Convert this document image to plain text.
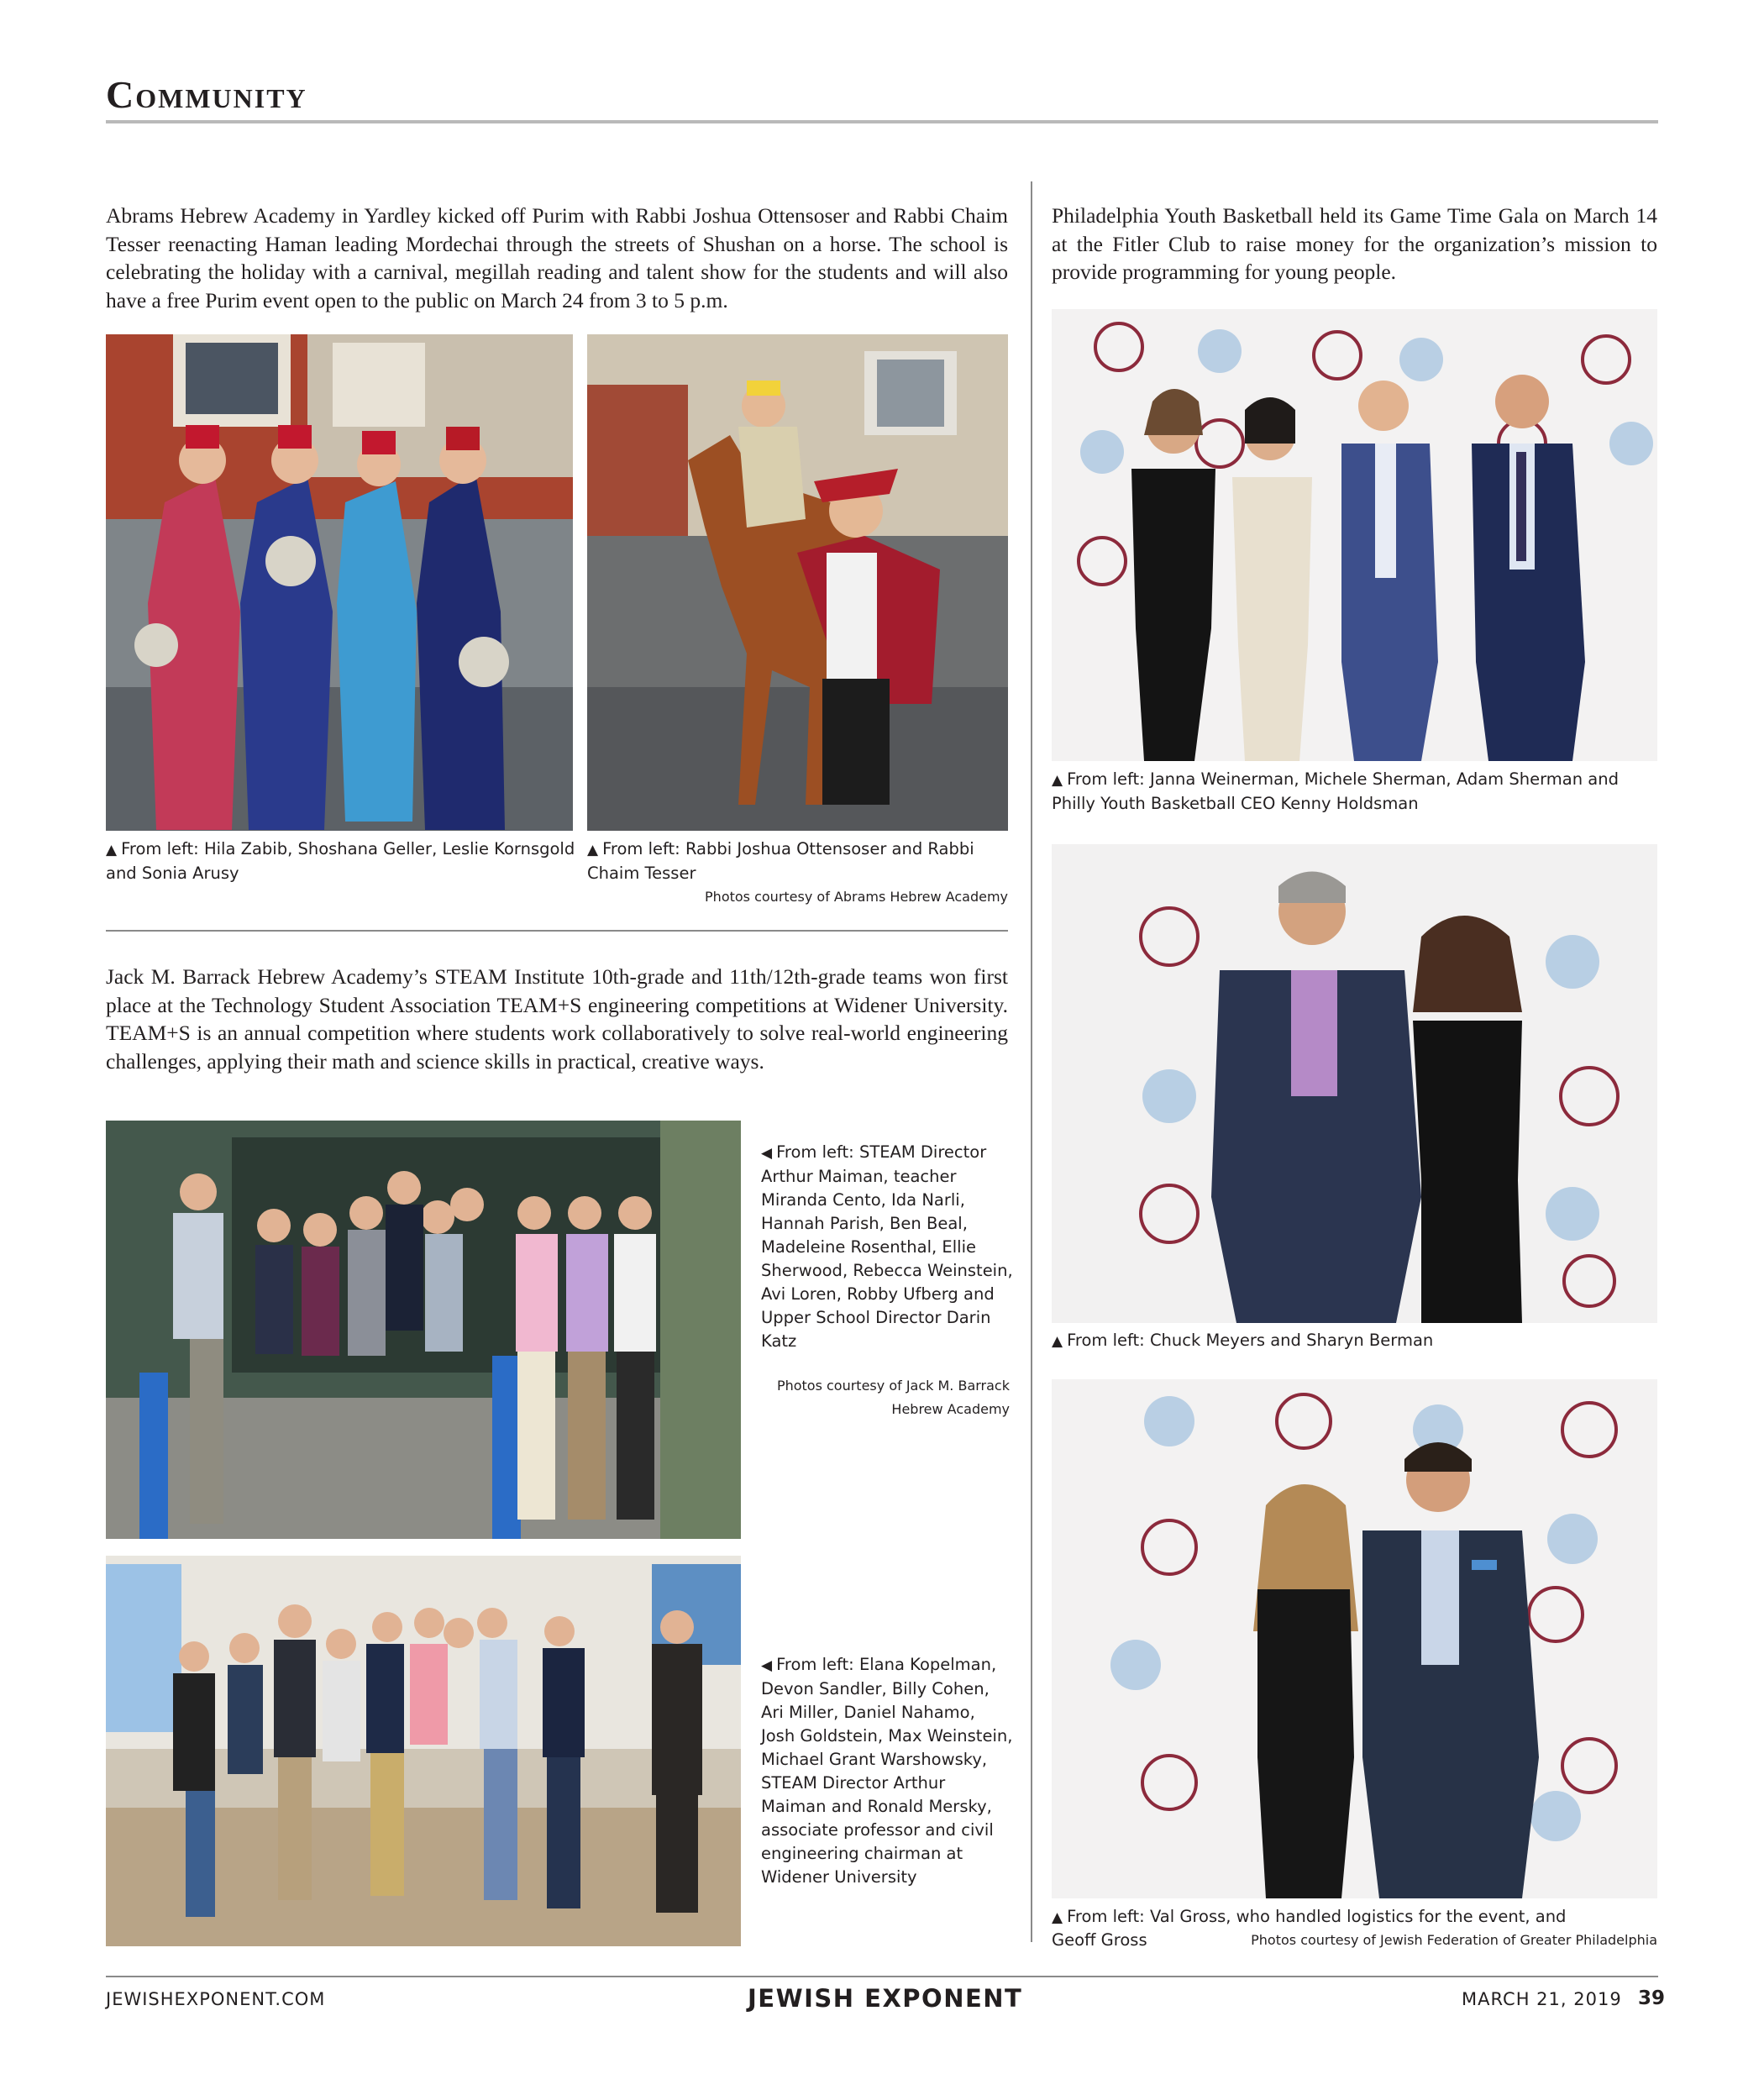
Community
Abrams Hebrew Academy in Yardley kicked off Purim with Rabbi Joshua Ottensoser and Rabbi Chaim Tesser reenacting Haman leading Mordechai through the streets of Shushan on a horse. The school is celebrating the holiday with a carnival, megillah reading and talent show for the students and will also have a free Purim event open to the public on March 24 from 3 to 5 p.m.
▲ From left: Hila Zabib, Shoshana Geller, Leslie Kornsgold and Sonia Arusy
▲ From left: Rabbi Joshua Ottensoser and Rabbi Chaim Tesser
Photos courtesy of Abrams Hebrew Academy
Jack M. Barrack Hebrew Academy’s STEAM Institute 10th-grade and 11th/12th-grade teams won first place at the Technology Student Association TEAM+S engineering competitions at Widener University. TEAM+S is an annual competition where students work collaboratively to solve real-world engineering challenges, applying their math and science skills in practical, creative ways.
◀ From left: STEAM Director Arthur Maiman, teacher Miranda Cento, Ida Narli, Hannah Parish, Ben Beal, Madeleine Rosenthal, Ellie Sherwood, Rebecca Weinstein, Avi Loren, Robby Ufberg and Upper School Director Darin Katz
Photos courtesy of Jack M. Barrack Hebrew Academy
◀ From left: Elana Kopelman, Devon Sandler, Billy Cohen, Ari Miller, Daniel Nahamo, Josh Goldstein, Max Weinstein, Michael Grant Warshowsky, STEAM Director Arthur Maiman and Ronald Mersky, associate professor and civil engineering chairman at Widener University
Philadelphia Youth Basketball held its Game Time Gala on March 14 at the Fitler Club to raise money for the organization’s mission to provide programming for young people.
▲ From left: Janna Weinerman, Michele Sherman, Adam Sherman and Philly Youth Basketball CEO Kenny Holdsman
▲ From left: Chuck Meyers and Sharyn Berman
▲ From left: Val Gross, who handled logistics for the event, and
Geoff Gross	Photos courtesy of Jewish Federation of Greater Philadelphia
JEWISHEXPONENT.COM	JEWISH EXPONENT	MARCH 21, 2019 39
